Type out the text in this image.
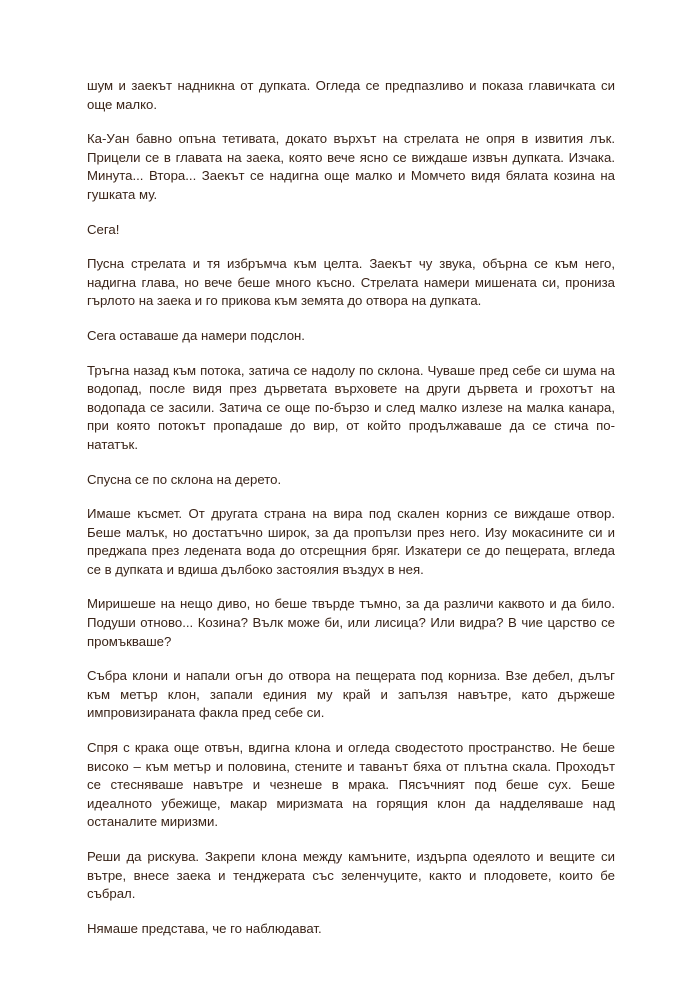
шум и заекът надникна от дупката. Огледа се предпазливо и показа главичката си още малко.

Ка-Уан бавно опъна тетивата, докато върхът на стрелата не опря в извития лък. Прицели се в главата на заека, която вече ясно се виждаше извън дупката. Изчака. Минута... Втора... Заекът се надигна още малко и Момчето видя бялата козина на гушката му.

Сега!

Пусна стрелата и тя избръмча към целта. Заекът чу звука, обърна се към него, надигна глава, но вече беше много късно. Стрелата намери мишената си, прониза гърлото на заека и го прикова към земята до отвора на дупката.

Сега оставаше да намери подслон.

Тръгна назад към потока, затича се надолу по склона. Чуваше пред себе си шума на водопад, после видя през дърветата върховете на други дървета и грохотът на водопада се засили. Затича се още по-бързо и след малко излезе на малка канара, при която потокът пропадаше до вир, от който продължаваше да се стича по-нататък.

Спусна се по склона на дерето.

Имаше късмет. От другата страна на вира под скален корниз се виждаше отвор. Беше малък, но достатъчно широк, за да пропълзи през него. Изу мокасините си и преджапа през ледената вода до отсрещния бряг. Изкатери се до пещерата, вгледа се в дупката и вдиша дълбоко застоялия въздух в нея.

Миришеше на нещо диво, но беше твърде тъмно, за да различи каквото и да било. Подуши отново... Козина? Вълк може би, или лисица? Или видра? В чие царство се промъкваше?

Събра клони и напали огън до отвора на пещерата под корниза. Взе дебел, дълъг към метър клон, запали единия му край и запълзя навътре, като държеше импровизираната факла пред себе си.

Спря с крака още отвън, вдигна клона и огледа сводестото пространство. Не беше високо – към метър и половина, стените и таванът бяха от плътна скала. Проходът се стесняваше навътре и чезнеше в мрака. Пясъчният под беше сух. Беше идеалното убежище, макар миризмата на горящия клон да надделяваше над останалите миризми.

Реши да рискува. Закрепи клона между камъните, издърпа одеялото и вещите си вътре, внесе заека и тенджерата със зеленчуците, както и плодовете, които бе събрал.

Нямаше представа, че го наблюдават.
